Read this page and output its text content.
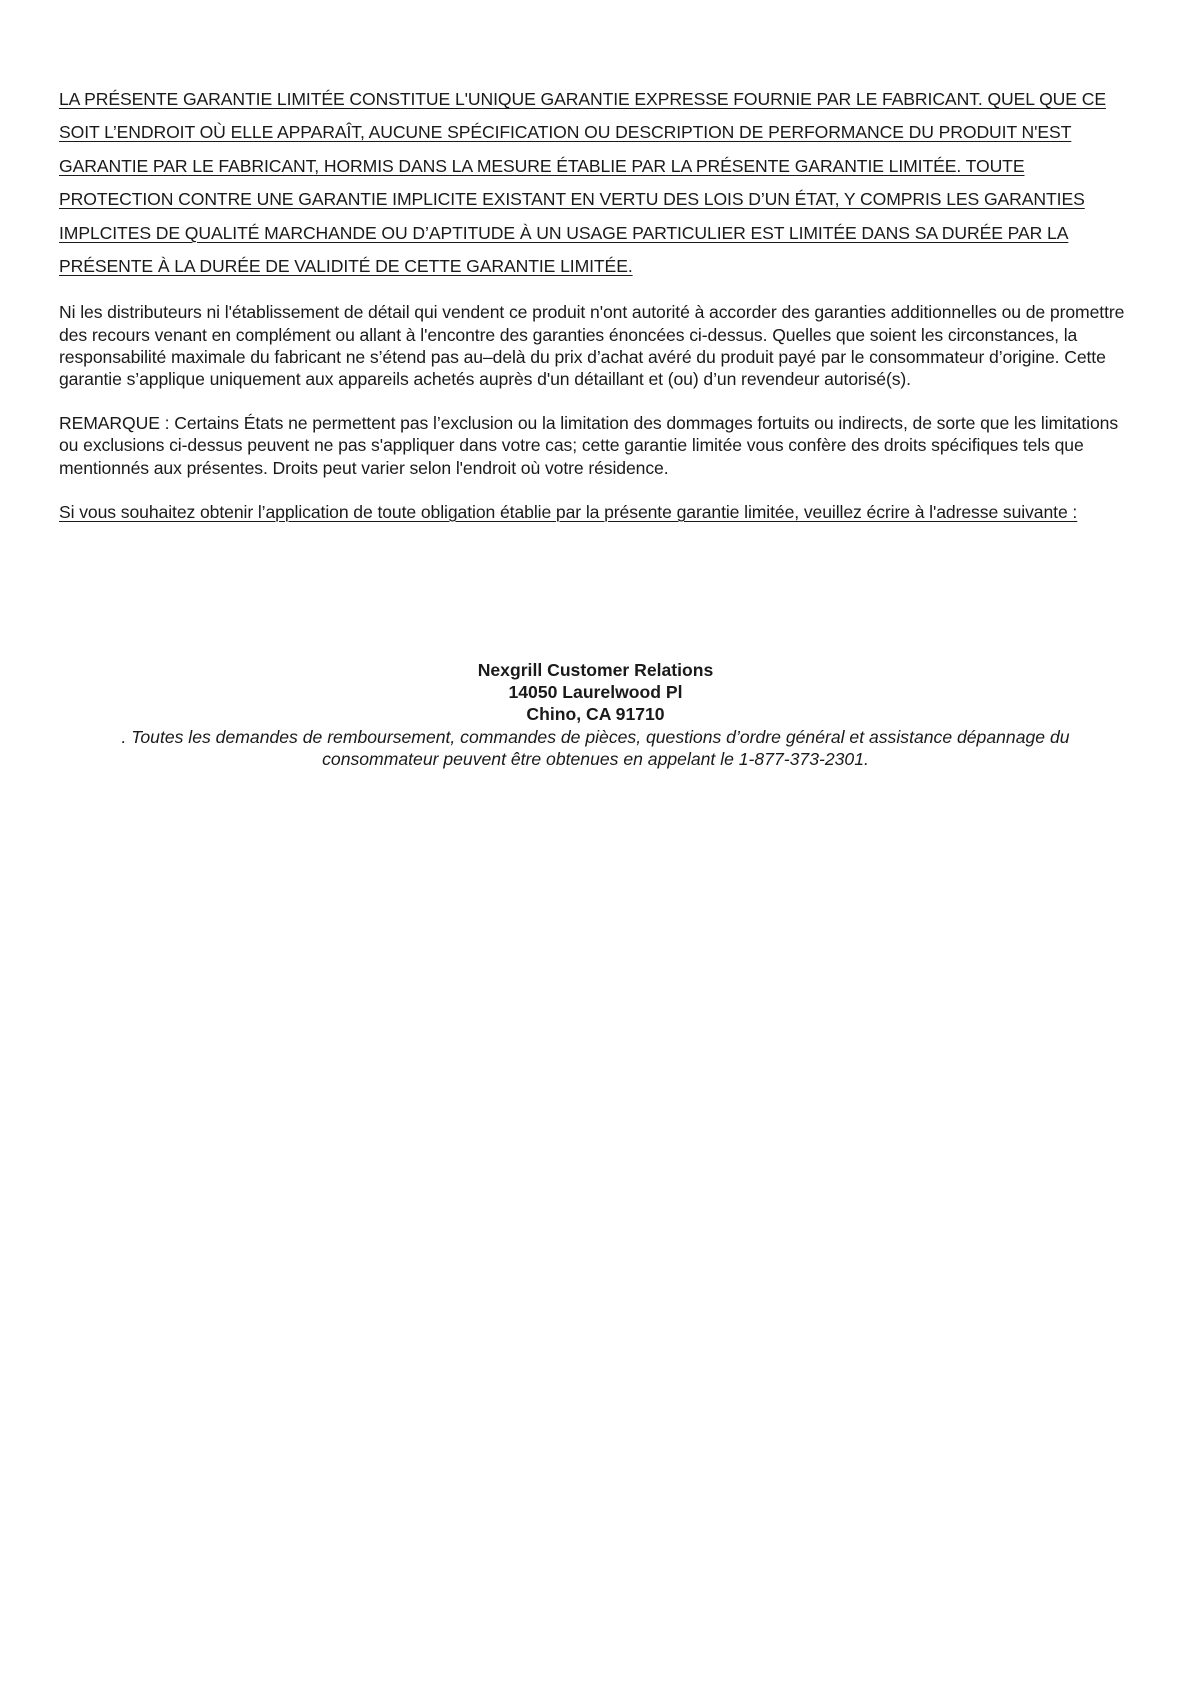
LA PRÉSENTE GARANTIE LIMITÉE CONSTITUE L'UNIQUE GARANTIE EXPRESSE FOURNIE PAR LE FABRICANT. QUEL QUE CE SOIT L’ENDROIT OÙ ELLE APPARAÎT, AUCUNE SPÉCIFICATION OU DESCRIPTION DE PERFORMANCE DU PRODUIT N'EST GARANTIE PAR LE FABRICANT, HORMIS DANS LA MESURE ÉTABLIE PAR LA PRÉSENTE GARANTIE LIMITÉE. TOUTE PROTECTION CONTRE UNE GARANTIE IMPLICITE EXISTANT EN VERTU DES LOIS D’UN ÉTAT, Y COMPRIS LES GARANTIES IMPLCITES DE QUALITÉ MARCHANDE OU D’APTITUDE À UN USAGE PARTICULIER EST LIMITÉE DANS SA DURÉE PAR LA PRÉSENTE À LA DURÉE DE VALIDITÉ DE CETTE GARANTIE LIMITÉE.

Ni les distributeurs ni l'établissement de détail qui vendent ce produit n'ont autorité à accorder des garanties additionnelles ou de promettre des recours venant en complément ou allant à l'encontre des garanties énoncées ci-dessus. Quelles que soient les circonstances, la responsabilité maximale du fabricant ne s’étend pas au–delà du prix d’achat avéré du produit payé par le consommateur d’origine. Cette garantie s’applique uniquement aux appareils achetés auprès d'un détaillant et (ou) d’un revendeur autorisé(s).

REMARQUE : Certains États ne permettent pas l’exclusion ou la limitation des dommages fortuits ou indirects, de sorte que les limitations ou exclusions ci-dessus peuvent ne pas s'appliquer dans votre cas; cette garantie limitée vous confère des droits spécifiques tels que mentionnés aux présentes. Droits peut varier selon l'endroit où votre résidence.

Si vous souhaitez obtenir l’application de toute obligation établie par la présente garantie limitée, veuillez écrire à l'adresse suivante :

Nexgrill Customer Relations
14050 Laurelwood Pl
Chino, CA 91710
. Toutes les demandes de remboursement, commandes de pièces, questions d’ordre général et assistance dépannage du consommateur peuvent être obtenues en appelant le 1-877-373-2301.
